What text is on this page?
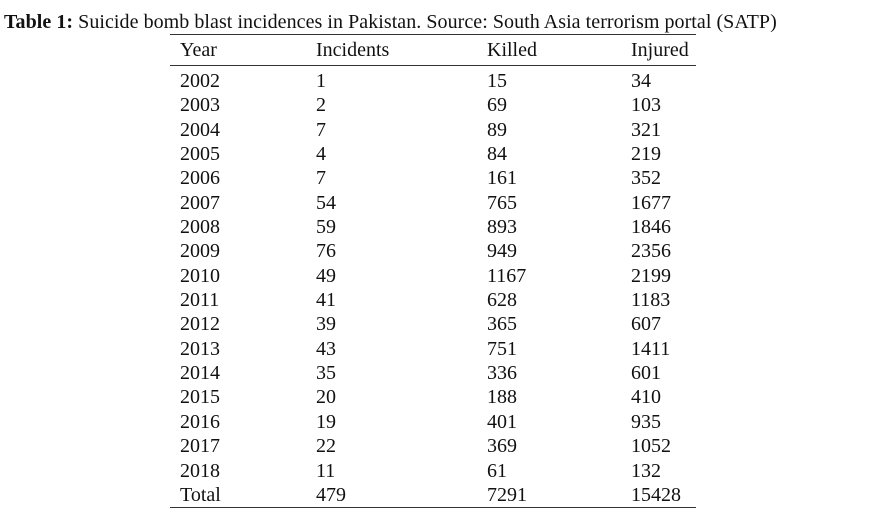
Table 1: Suicide bomb blast incidences in Pakistan. Source: South Asia terrorism portal (SATP)
Year	Incidents	Killed	Injured
2002	1	15	34
2003	2	69	103
2004	7	89	321
2005	4	84	219
2006	7	161	352
2007	54	765	1677
2008	59	893	1846
2009	76	949	2356
2010	49	1167	2199
2011	41	628	1183
2012	39	365	607
2013	43	751	1411
2014	35	336	601
2015	20	188	410
2016	19	401	935
2017	22	369	1052
2018	11	61	132
Total	479	7291	15428
